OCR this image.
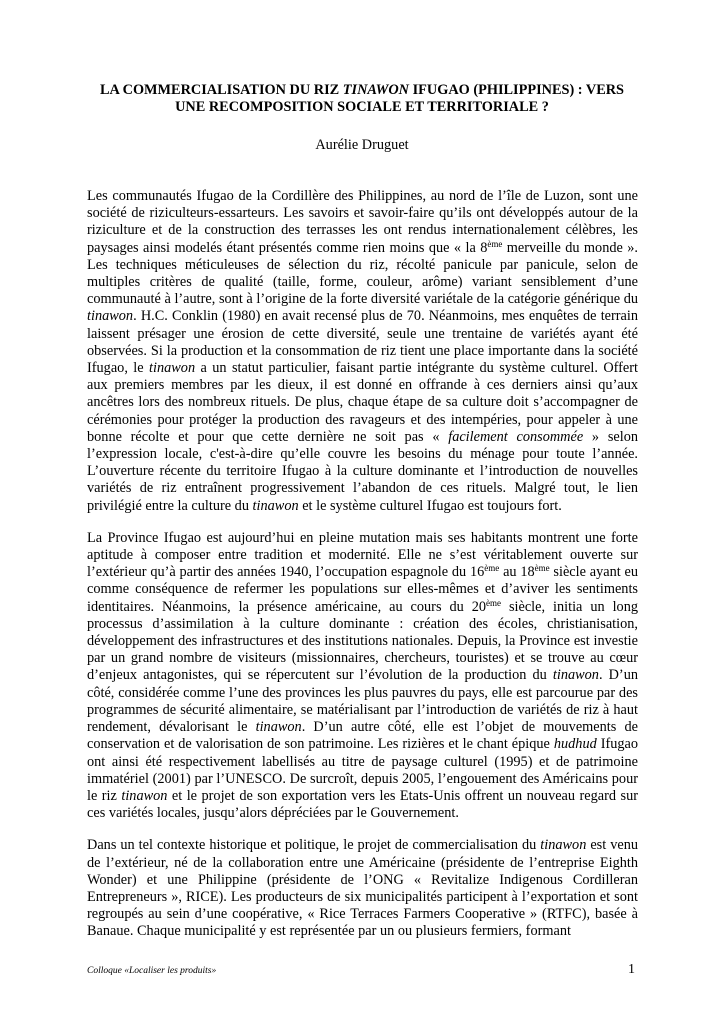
LA COMMERCIALISATION DU RIZ TINAWON IFUGAO (PHILIPPINES) : VERS UNE RECOMPOSITION SOCIALE ET TERRITORIALE ?

Aurélie Druguet

Les communautés Ifugao de la Cordillère des Philippines, au nord de l’île de Luzon, sont une société de riziculteurs-essarteurs. Les savoirs et savoir-faire qu’ils ont développés autour de la riziculture et de la construction des terrasses les ont rendus internationalement célèbres, les paysages ainsi modelés étant présentés comme rien moins que « la 8ème merveille du monde ». Les techniques méticuleuses de sélection du riz, récolté panicule par panicule, selon de multiples critères de qualité (taille, forme, couleur, arôme) variant sensiblement d’une communauté à l’autre, sont à l’origine de la forte diversité variétale de la catégorie générique du tinawon. H.C. Conklin (1980) en avait recensé plus de 70. Néanmoins, mes enquêtes de terrain laissent présager une érosion de cette diversité, seule une trentaine de variétés ayant été observées. Si la production et la consommation de riz tient une place importante dans la société Ifugao, le tinawon a un statut particulier, faisant partie intégrante du système culturel. Offert aux premiers membres par les dieux, il est donné en offrande à ces derniers ainsi qu’aux ancêtres lors des nombreux rituels. De plus, chaque étape de sa culture doit s’accompagner de cérémonies pour protéger la production des ravageurs et des intempéries, pour appeler à une bonne récolte et pour que cette dernière ne soit pas « facilement consommée » selon l’expression locale, c'est-à-dire qu’elle couvre les besoins du ménage pour toute l’année. L’ouverture récente du territoire Ifugao à la culture dominante et l’introduction de nouvelles variétés de riz entraînent progressivement l’abandon de ces rituels. Malgré tout, le lien privilégié entre la culture du tinawon et le système culturel Ifugao est toujours fort.

La Province Ifugao est aujourd’hui en pleine mutation mais ses habitants montrent une forte aptitude à composer entre tradition et modernité. Elle ne s’est véritablement ouverte sur l’extérieur qu’à partir des années 1940, l’occupation espagnole du 16ème au 18ème siècle ayant eu comme conséquence de refermer les populations sur elles-mêmes et d’aviver les sentiments identitaires. Néanmoins, la présence américaine, au cours du 20ème siècle, initia un long processus d’assimilation à la culture dominante : création des écoles, christianisation, développement des infrastructures et des institutions nationales. Depuis, la Province est investie par un grand nombre de visiteurs (missionnaires, chercheurs, touristes) et se trouve au cœur d’enjeux antagonistes, qui se répercutent sur l’évolution de la production du tinawon. D’un côté, considérée comme l’une des provinces les plus pauvres du pays, elle est parcourue par des programmes de sécurité alimentaire, se matérialisant par l’introduction de variétés de riz à haut rendement, dévalorisant le tinawon. D’un autre côté, elle est l’objet de mouvements de conservation et de valorisation de son patrimoine. Les rizières et le chant épique hudhud Ifugao ont ainsi été respectivement labellisés au titre de paysage culturel (1995) et de patrimoine immatériel (2001) par l’UNESCO. De surcroît, depuis 2005, l’engouement des Américains pour le riz tinawon et le projet de son exportation vers les Etats-Unis offrent un nouveau regard sur ces variétés locales, jusqu’alors dépréciées par le Gouvernement.

Dans un tel contexte historique et politique, le projet de commercialisation du tinawon est venu de l’extérieur, né de la collaboration entre une Américaine (présidente de l’entreprise Eighth Wonder) et une Philippine (présidente de l’ONG « Revitalize Indigenous Cordilleran Entrepreneurs », RICE). Les producteurs de six municipalités participent à l’exportation et sont regroupés au sein d’une coopérative, « Rice Terraces Farmers Cooperative » (RTFC), basée à Banaue. Chaque municipalité y est représentée par un ou plusieurs fermiers, formant

Colloque «Localiser les produits»	1
